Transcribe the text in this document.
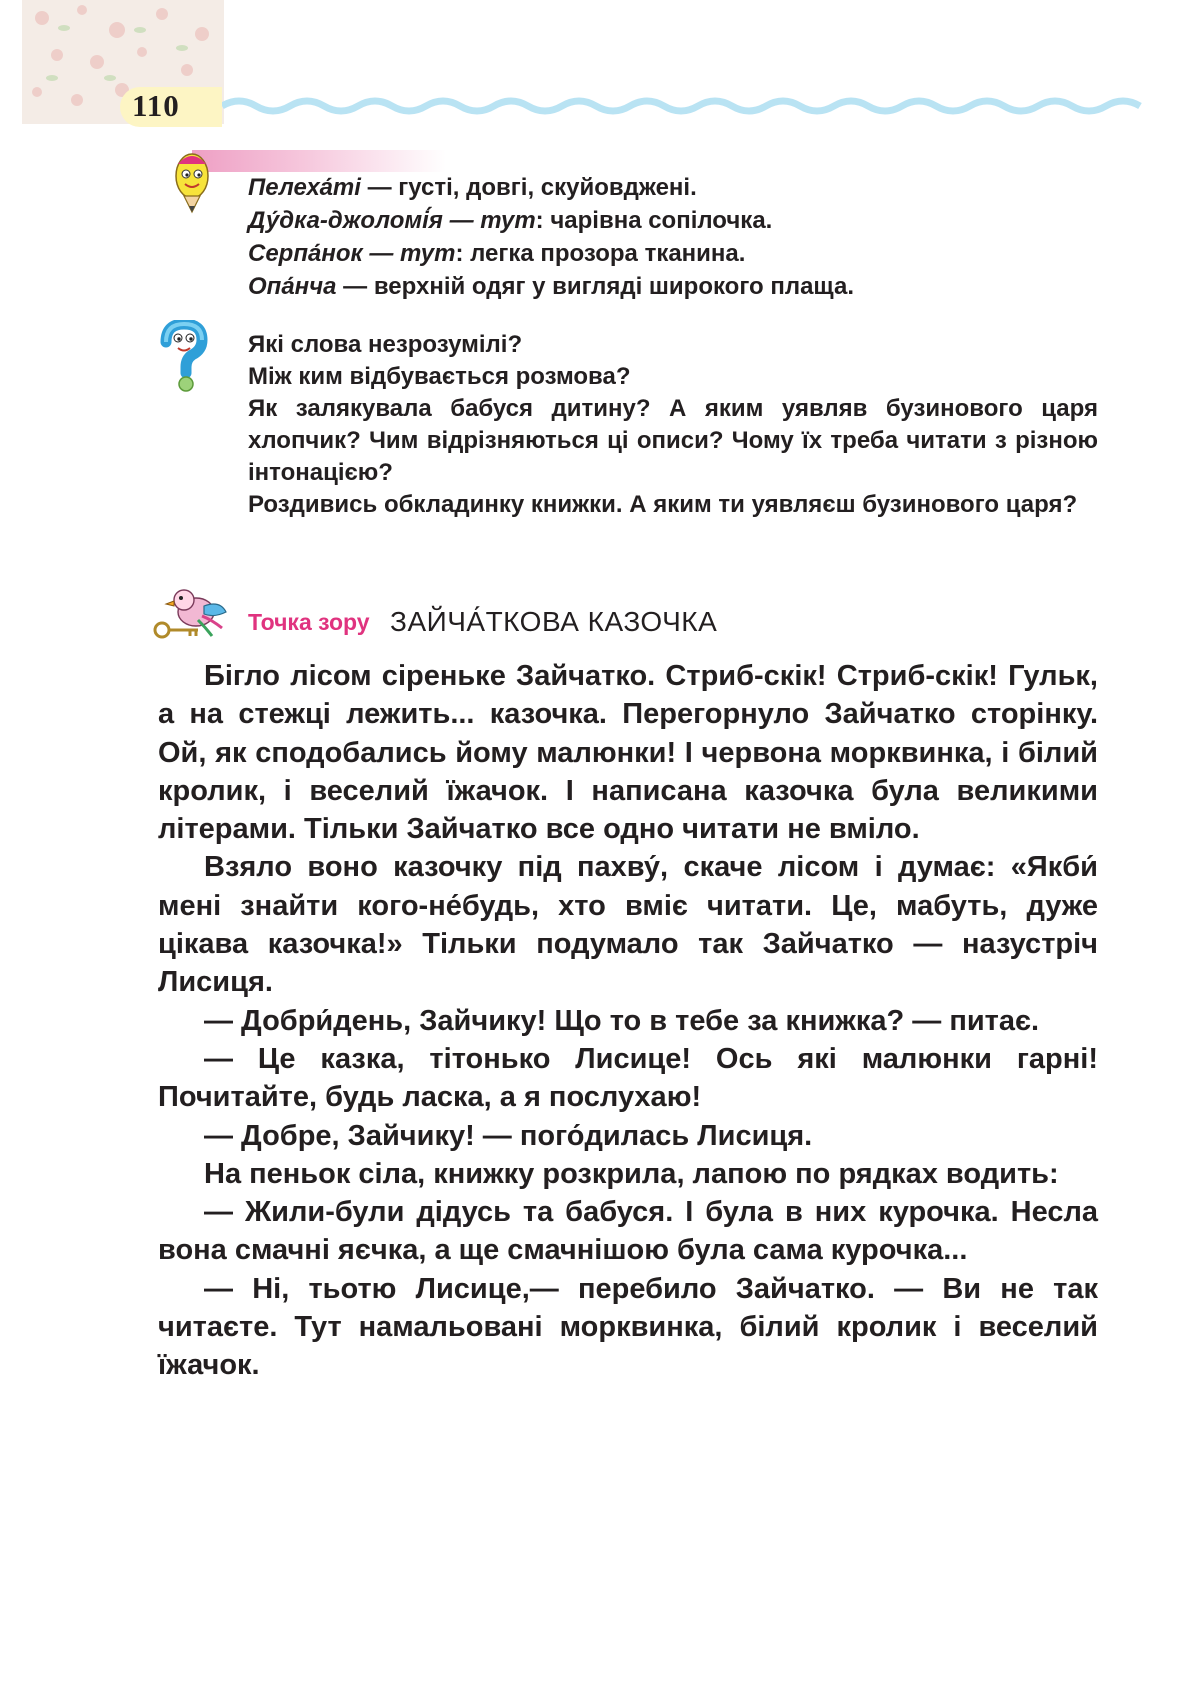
110

Пелеха́ті — густі, довгі, скуйовджені.

Ду́дка-джоломі́я — тут: чарівна сопілочка.

Серпа́нок — тут: легка прозора тканина.

Опа́нча — верхній одяг у вигляді широкого плаща.

Які слова незрозумілі?

Між ким відбувається розмова?

Як залякувала бабуся дитину? А яким уявляв бузинового царя хлопчик? Чим відрізняються ці описи? Чому їх треба читати з різною інтонацією?

Роздивись обкладинку книжки. А яким ти уявляєш бузинового царя?

Точка зору ЗАЙЧА́ТКОВА КАЗОЧКА

Бігло лісом сіреньке Зайчатко. Стриб-скік! Стриб-скік! Гульк, а на стежці лежить... казочка. Перегорнуло Зайчатко сторінку. Ой, як сподобались йому малюнки! І червона морквинка, і білий кролик, і веселий їжачок. І написана казочка була великими літерами. Тільки Зайчатко все одно читати не вміло.

Взяло воно казочку під пахву́, скаче лісом і думає: «Якби́ мені знайти кого-не́будь, хто вміє читати. Це, мабуть, дуже цікава казочка!» Тільки подумало так Зайчатко — назустріч Лисиця.

— Добри́день, Зайчику! Що то в тебе за книжка? — питає.

— Це казка, тітонько Лисице! Ось які малюнки гарні! Почитайте, будь ласка, а я послухаю!

— Добре, Зайчику! — пого́дилась Лисиця.

На пеньок сіла, книжку розкрила, лапою по рядках водить:

— Жили-були дідусь та бабуся. І була в них курочка. Несла вона смачні яєчка, а ще смачнішою була сама курочка...

— Ні, тьотю Лисице,— перебило Зайчатко. — Ви не так читаєте. Тут намальовані морквинка, білий кролик і веселий їжачок.
